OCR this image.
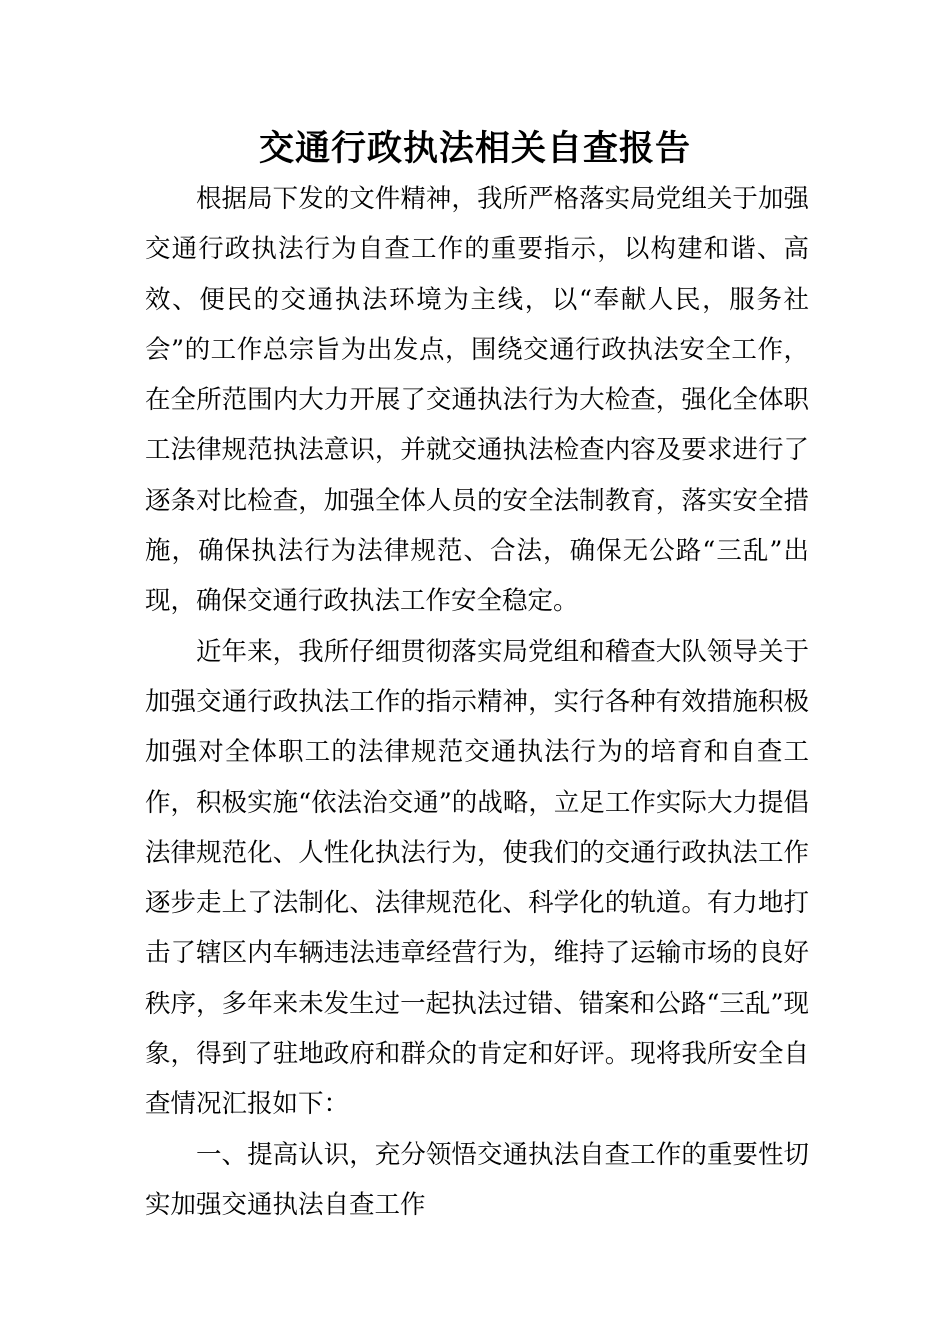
交通行政执法相关自查报告

根据局下发的文件精神，我所严格落实局党组关于加强交通行政执法行为自查工作的重要指示，以构建和谐、高效、便民的交通执法环境为主线，以“奉献人民，服务社会”的工作总宗旨为出发点，围绕交通行政执法安全工作，在全所范围内大力开展了交通执法行为大检查，强化全体职工法律规范执法意识，并就交通执法检查内容及要求进行了逐条对比检查，加强全体人员的安全法制教育，落实安全措施，确保执法行为法律规范、合法，确保无公路“三乱”出现，确保交通行政执法工作安全稳定。

近年来，我所仔细贯彻落实局党组和稽查大队领导关于加强交通行政执法工作的指示精神，实行各种有效措施积极加强对全体职工的法律规范交通执法行为的培育和自查工作，积极实施“依法治交通”的战略，立足工作实际大力提倡法律规范化、人性化执法行为，使我们的交通行政执法工作逐步走上了法制化、法律规范化、科学化的轨道。有力地打击了辖区内车辆违法违章经营行为，维持了运输市场的良好秩序，多年来未发生过一起执法过错、错案和公路“三乱”现象，得到了驻地政府和群众的肯定和好评。现将我所安全自查情况汇报如下：

一、提高认识，充分领悟交通执法自查工作的重要性切实加强交通执法自查工作
